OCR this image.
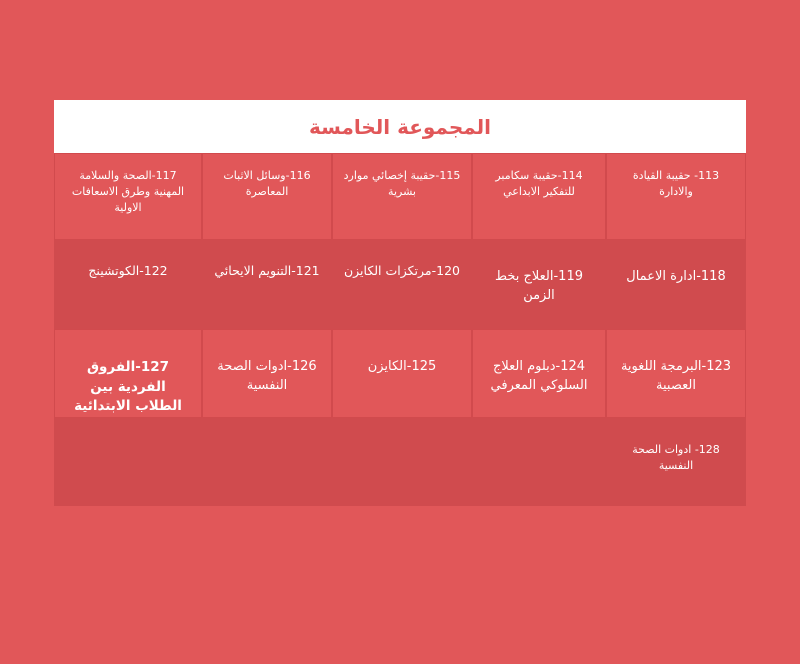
المجموعة الخامسة
113- حقيبة القيادة والادارة
114-حقيبة سكامبر للتفكير الابداعي
115-حقيبة إخصائي موارد بشرية
116-وسائل الاثبات المعاصرة
117-الصحة والسلامة المهنية وطرق الاسعافات الاولية
118-ادارة الاعمال
119-العلاج بخط الزمن
120-مرتكزات الكايزن
121-التنويم الايحائي
122-الكوتشينج
123-البرمجة اللغوية العصبية
124-دبلوم العلاج السلوكي المعرفي
125-الكايزن
126-ادوات الصحة النفسية
127-الفروق الفردية بين الطلاب الابتدائية
128- ادوات الصحة النفسية
